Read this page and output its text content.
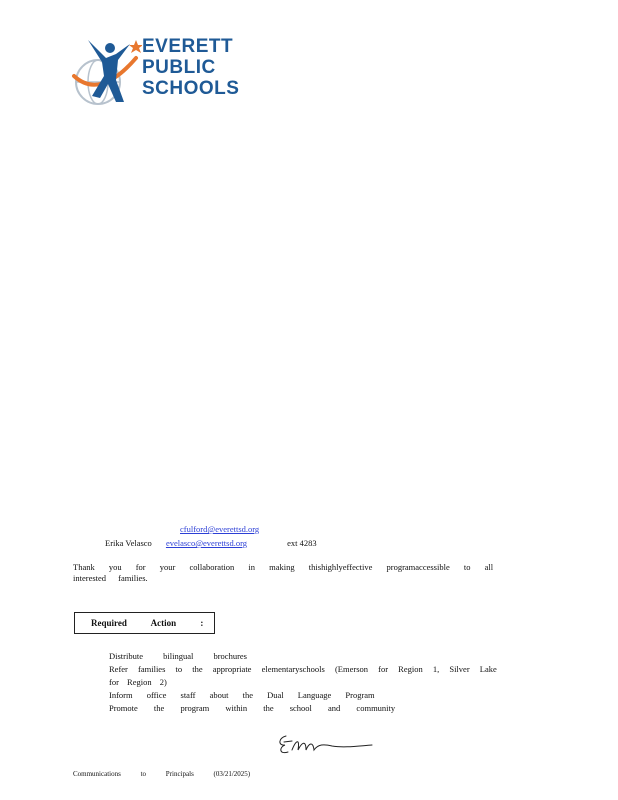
EVERETT
PUBLIC
SCHOOLS
cfulford@everettsd.org
Erika Velasco evelasco@everettsd.org	ext 4283
Thank you for your collaboration in making thishighlyeffective programaccessible to all
interested families.
Required	Action	:
Distribute bilingual brochures
Refer families to the appropriate elementaryschools (Emerson for Region 1, Silver Lake
for Region 2)
Inform office staff about the Dual Language Program
Promote the program within the school and community
Communications	to	Principals	(03/21/2025)
